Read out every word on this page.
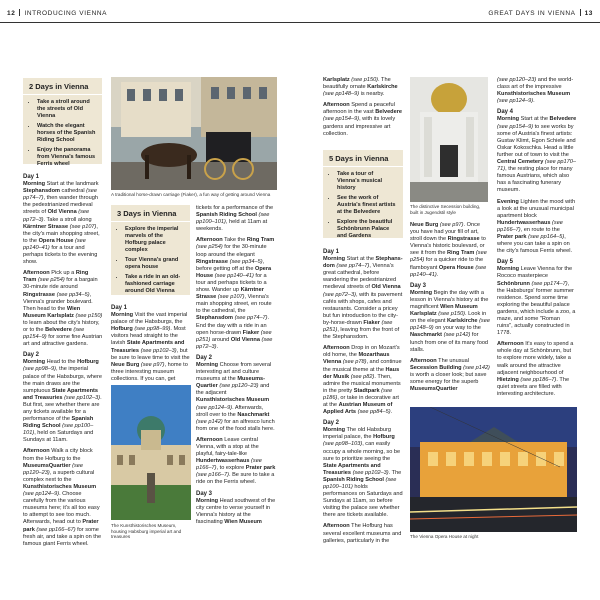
12 INTRODUCING VIENNA	GREAT DAYS IN VIENNA 13
2 Days in Vienna
• Take a stroll around the streets of Old Vienna
• Watch the elegant horses of the Spanish Riding School
• Enjoy the panorama from Vienna's famous Ferris wheel
Day 1

Morning Start at the landmark Stephansdom cathedral (see pp74–7), then wander through the pedestrianized medieval streets of Old Vienna (see pp72–3). Take a stroll along Kärntner Strasse (see p107), the city's main shopping street, to the Opera House (see pp140–41) for a tour and perhaps tickets to the evening show.

Afternoon Pick up a Ring Tram (see p254) for a bargain 30-minute ride around Ringstrasse (see pp34–5), Vienna's grander boulevard. Then head to the Wien Museum Karlsplatz (see p150) to learn about the city's history, or to the Belvedere (see pp154–9) for some fine Austrian art and attractive gardens.

Day 2

Morning Head to the Hofburg (see pp98–9), the imperial palace of the Habsburgs, where the main draws are the sumptuous State Apartments and Treasuries (see pp102–3). But first, see whether there are any tickets available for a performance of the Spanish Riding School (see pp100–101), held on Saturdays and Sundays at 11am.

Afternoon Walk a city block from the Hofburg to the MuseumsQuartier (see pp120–23), a superb cultural complex next to the Kunsthistorisches Museum (see pp124–9). Choose carefully from the various museums here; it's all too easy to attempt to see too much. Afterwards, head out to Prater park (see pp166–67) for some fresh air, and take a spin on the famous giant Ferris wheel.

A traditional horse-drawn carriage (Fiaker), a fun way of getting around Vienna
3 Days in Vienna
• Explore the imperial marvels of the Hofburg palace complex
• Tour Vienna's grand opera house
• Take a ride in an old-fashioned carriage around Old Vienna
Day 1

Morning Visit the vast imperial palace of the Habsburgs, the Hofburg (see pp98–99). Most visitors head straight to the lavish State Apartments and Treasuries (see pp102–3), but be sure to leave time to visit the Neue Burg (see p97), home to three interesting museum collections. If you can, get

The Kunsthistorisches Museum, housing Habsburg imperial art and treasures

tickets for a performance of the Spanish Riding School (see pp100–101), held at 11am at weekends.

Afternoon Take the Ring Tram (see p254) for the 30-minute loop around the elegant Ringstrasse (see pp34–5), before getting off at the Opera House (see pp140–41) for a tour and perhaps tickets to a show. Wander up Kärntner Strasse (see p107), Vienna's main shopping street, en route to the cathedral, the Stephansdom (see pp74–7). End the day with a ride in an open horse-drawn Fiaker (see p251) around Old Vienna (see pp72–3).

Day 2

Morning Choose from several interesting art and culture museums at the Museums-Quartier (see pp120–23) and the adjacent Kunsthistorisches Museum (see pp124–9). Afterwards, stroll over to the Naschmarkt (see p142) for an alfresco lunch from one of the food stalls here.

Afternoon Leave central Vienna, with a stop at the playful, fairy-tale-like Hundertwasserhaus (see p166–7), to explore Prater park (see p166–7). Be sure to take a ride on the Ferris wheel.

Day 3

Morning Head southwest of the city centre to verse yourself in Vienna's history at the fascinating Wien Museum

Karlsplatz (see p150). The beautifully ornate Karlskirche (see pp148–9) is nearby.

Afternoon Spend a peaceful afternoon in the vast Belvedere (see pp154–9), with its lovely gardens and impressive art collection.

5 Days in Vienna
• Take a tour of Vienna's musical history
• See the work of Austria's finest artists at the Belvedere
• Explore the beautiful Schönbrunn Palace and Gardens
Day 1

Morning Start at the Stephans-dom (see pp74–7), Vienna's great cathedral, before wandering the pedestrianized medieval streets of Old Vienna (see pp72–3), with its pavement cafés with shops, cafes and restaurants. Consider a pricey but fun introduction to the city-by-horse-drawn Fiaker (see p251), leaving from the front of the Stephansdom.

Afternoon Drop in on Mozart's old home, the Mozarthaus Vienna (see p78), and continue the musical theme at the Haus der Musik (see p82). Then, admire the musical monuments in the pretty Stadtpark (see p186), or take in decorative art at the Austrian Museum of Applied Arts (see pp84–5).

Day 2

Morning The old Habsburg imperial palace, the Hofburg (see pp98–103), can easily occupy a whole morning, so be sure to prioritize seeing the State Apartments and Treasuries (see pp102–3). The Spanish Riding School (see pp100–101) holds performances on Saturdays and Sundays at 11am, so before visiting the palace see whether there are tickets available.

Afternoon The Hofburg has several excellent museums and galleries, particularly in the

The distinctive Secession building, built in Jugendstil style

Neue Burg (see p97). Once you have had your fill of art, stroll down the Ringstrasse to Vienna's historic boulevard, or see it from the Ring Tram (see p254) for a quicker ride to the flamboyant Opera House (see pp140–41).

Day 3

Morning Begin the day with a lesson in Vienna's history at the magnificent Wien Museum Karlsplatz (see p150). Look in on the elegant Karlskirche (see pp148–9) on your way to the Naschmarkt (see p142) for lunch from one of its many food stalls.

Afternoon The unusual Secession Building (see p142) is worth a closer look; but save some energy for the superb MuseumsQuartier

(see pp120–23) and the world-class art of the impressive Kunsthistorisches Museum (see pp124–9).

Day 4

Morning Start at the Belvedere (see pp154–9) to see works by some of Austria's finest artists: Gustav Klimt, Egon Schiele and Oskar Kokoschka. Head a little further out of town to visit the Central Cemetery (see pp170–71), the resting place for many famous Austrians, which also has a fascinating funerary museum.

Evening Lighten the mood with a look at the unusual municipal apartment block Hundertwasserhaus (see pp166–7), en route to the Prater park (see pp164–5), where you can take a spin on the city's famous Ferris wheel.

Day 5

Morning Leave Vienna for the Rococo masterpiece Schönbrunn (see pp174–7), the Habsburgs' former summer residence. Spend some time exploring the beautiful palace gardens, which include a zoo, a maze, and some "Roman ruins", actually constructed in 1778.

Afternoon It's easy to spend a whole day at Schönbrunn, but to explore more widely, take a walk around the attractive adjacent neighbourhood of Hietzing (see pp186–7). The quiet streets are filled with interesting architecture.

The Vienna Opera House at night
